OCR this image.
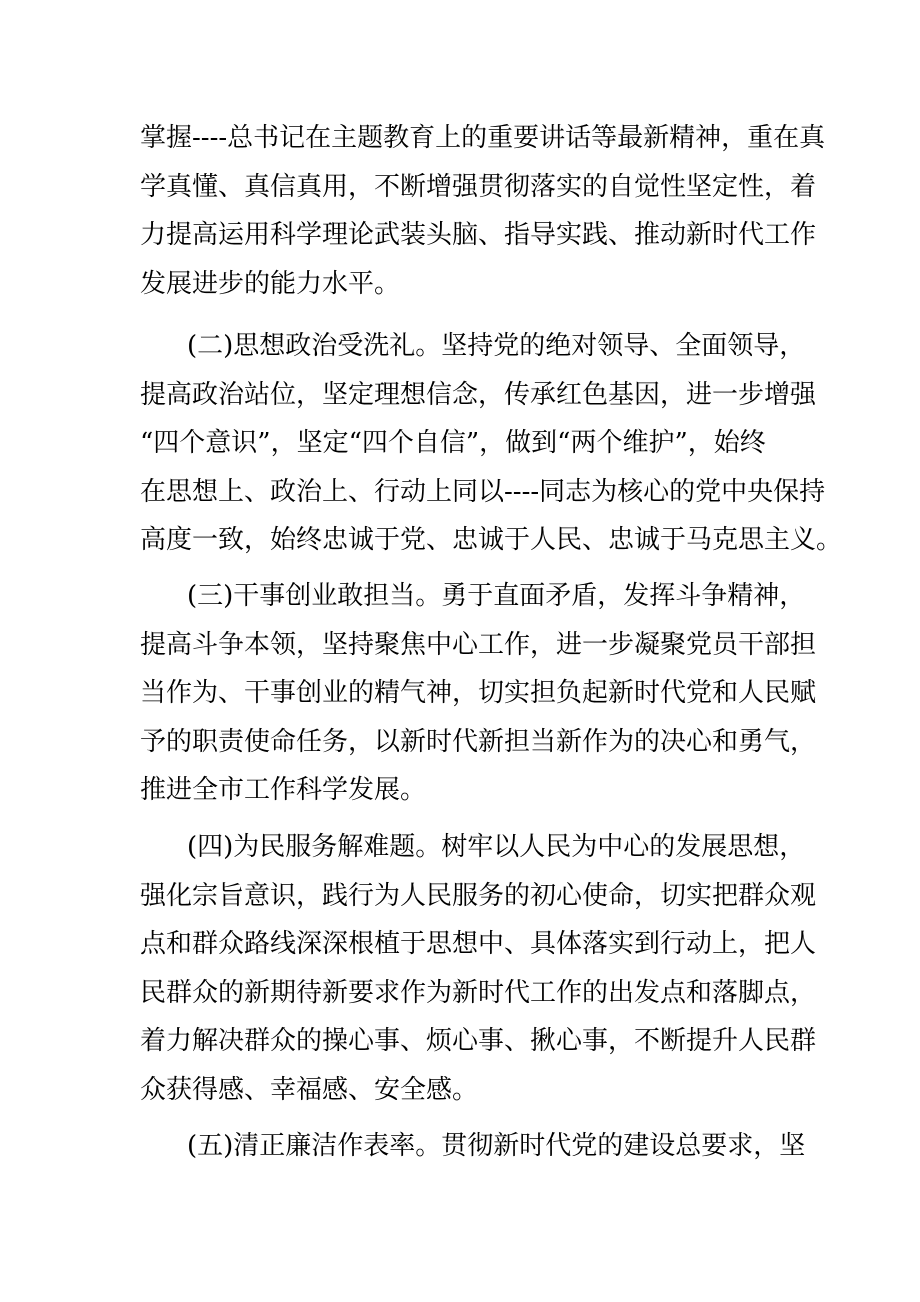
掌握----总书记在主题教育上的重要讲话等最新精神，重在真
学真懂、真信真用，不断增强贯彻落实的自觉性坚定性，着
力提高运用科学理论武装头脑、指导实践、推动新时代工作
发展进步的能力水平。

(二)思想政治受洗礼。坚持党的绝对领导、全面领导，
提高政治站位，坚定理想信念，传承红色基因，进一步增强
“四个意识”，坚定“四个自信”，做到“两个维护”，始终
在思想上、政治上、行动上同以----同志为核心的党中央保持
高度一致，始终忠诚于党、忠诚于人民、忠诚于马克思主义。

(三)干事创业敢担当。勇于直面矛盾，发挥斗争精神，
提高斗争本领，坚持聚焦中心工作，进一步凝聚党员干部担
当作为、干事创业的精气神，切实担负起新时代党和人民赋
予的职责使命任务，以新时代新担当新作为的决心和勇气，
推进全市工作科学发展。

(四)为民服务解难题。树牢以人民为中心的发展思想，
强化宗旨意识，践行为人民服务的初心使命，切实把群众观
点和群众路线深深根植于思想中、具体落实到行动上，把人
民群众的新期待新要求作为新时代工作的出发点和落脚点，
着力解决群众的操心事、烦心事、揪心事，不断提升人民群
众获得感、幸福感、安全感。

(五)清正廉洁作表率。贯彻新时代党的建设总要求，坚
